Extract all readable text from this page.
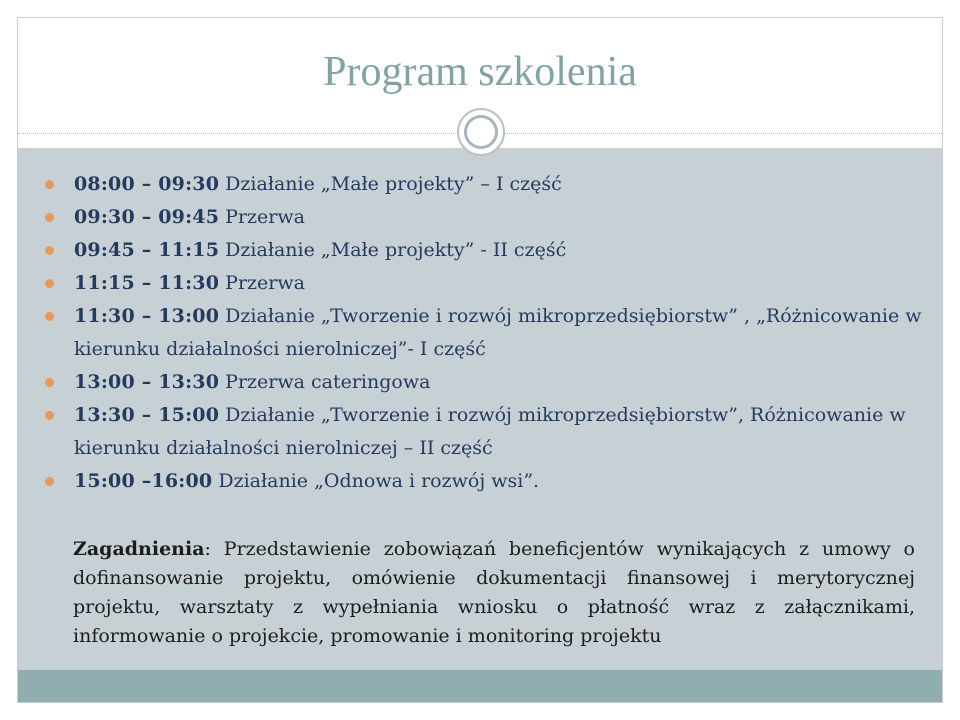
Program szkolenia
08:00 – 09:30 Działanie „Małe projekty” – I część
09:30 – 09:45 Przerwa
09:45 – 11:15 Działanie „Małe projekty” - II część
11:15 – 11:30 Przerwa
11:30 – 13:00 Działanie „Tworzenie i rozwój mikroprzedsiębiorstw” , „Różnicowanie w kierunku działalności nierolniczej”- I część
13:00 – 13:30 Przerwa cateringowa
13:30 – 15:00 Działanie „Tworzenie i rozwój mikroprzedsiębiorstw”, Różnicowanie w kierunku działalności nierolniczej – II część
15:00 –16:00 Działanie „Odnowa i rozwój wsi”.

Zagadnienia: Przedstawienie zobowiązań beneficjentów wynikających z umowy o dofinansowanie projektu, omówienie dokumentacji finansowej i merytorycznej projektu, warsztaty z wypełniania wniosku o płatność wraz z załącznikami, informowanie o projekcie, promowanie i monitoring projektu
